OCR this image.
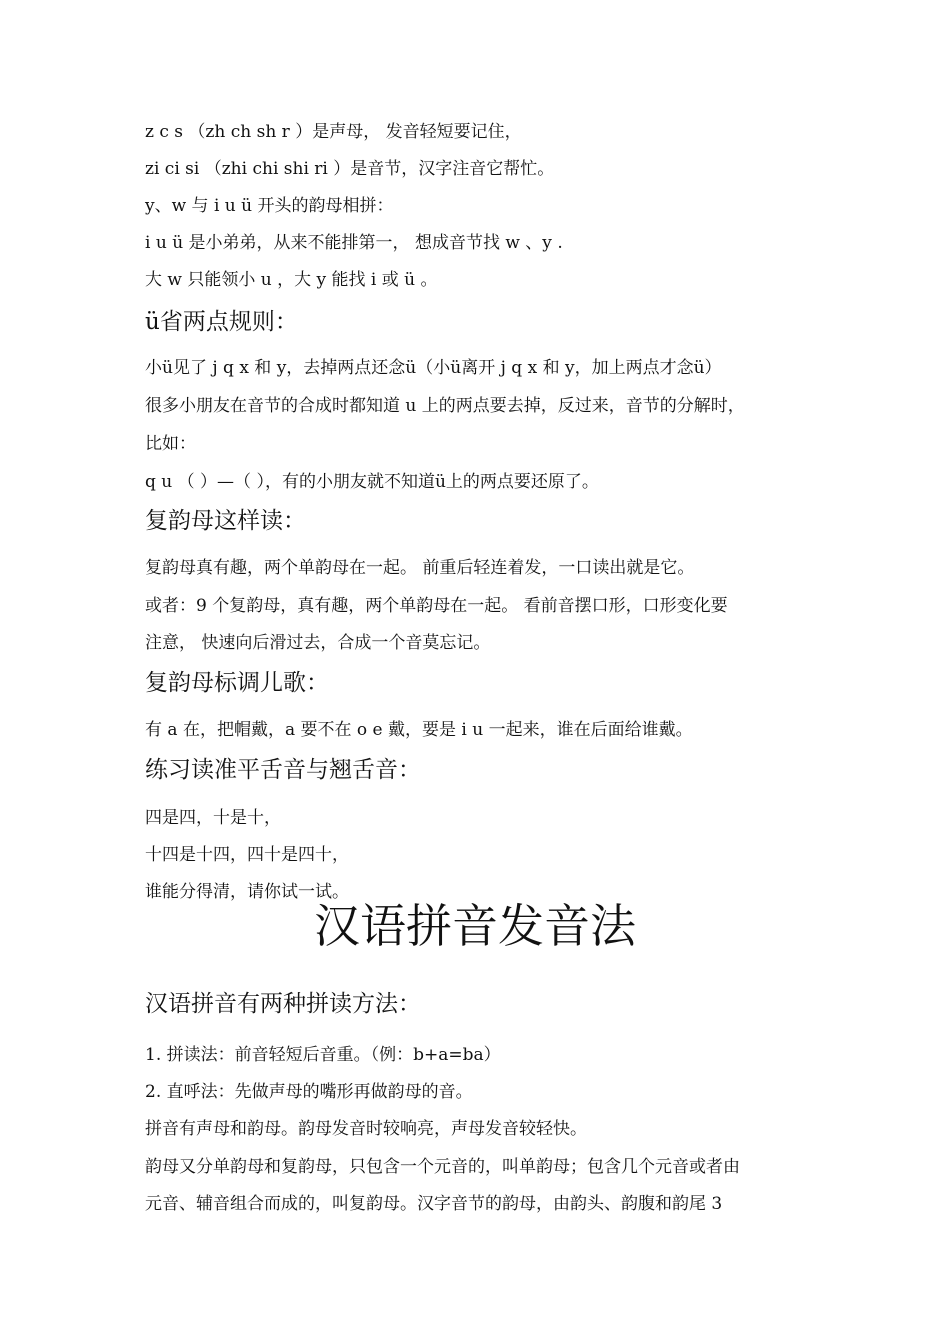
z c s （zh ch sh r ）是声母， 发音轻短要记住，
zi ci si （zhi chi shi ri ）是音节，汉字注音它帮忙。
y、w 与 i u ü 开头的韵母相拼：
i u ü 是小弟弟，从来不能排第一， 想成音节找 w 、y .
大 w 只能领小 u ，大 y 能找 i 或 ü 。
ü省两点规则：
小ü见了 j q x 和 y，去掉两点还念ü（小ü离开 j q x 和 y，加上两点才念ü）
很多小朋友在音节的合成时都知道 u 上的两点要去掉，反过来，音节的分解时，
比如：
q u （ ）—（ ），有的小朋友就不知道ü上的两点要还原了。
复韵母这样读：
复韵母真有趣，两个单韵母在一起。 前重后轻连着发，一口读出就是它。
或者：9 个复韵母，真有趣，两个单韵母在一起。 看前音摆口形，口形变化要
注意， 快速向后滑过去，合成一个音莫忘记。
复韵母标调儿歌：
有 a 在，把帽戴，a 要不在 o e 戴，要是 i u 一起来，谁在后面给谁戴。
练习读准平舌音与翘舌音：
四是四，十是十，
十四是十四，四十是四十，
谁能分得清，请你试一试。
汉语拼音发音法
汉语拼音有两种拼读方法：
1. 拼读法：前音轻短后音重。（例：b+a=ba）
2. 直呼法：先做声母的嘴形再做韵母的音。
拼音有声母和韵母。韵母发音时较响亮，声母发音较轻快。
韵母又分单韵母和复韵母，只包含一个元音的，叫单韵母；包含几个元音或者由
元音、辅音组合而成的，叫复韵母。汉字音节的韵母，由韵头、韵腹和韵尾 3
